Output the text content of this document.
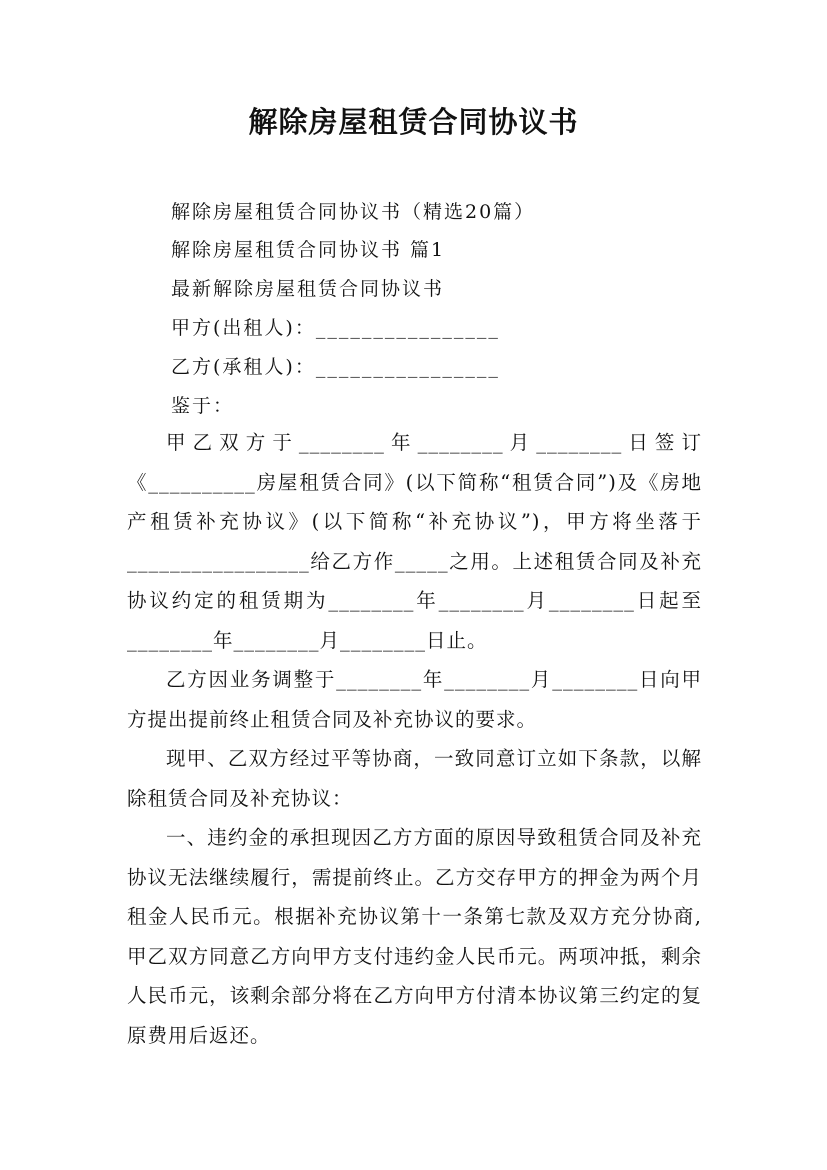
解除房屋租赁合同协议书
解除房屋租赁合同协议书（精选20篇）
解除房屋租赁合同协议书 篇1
最新解除房屋租赁合同协议书
甲方(出租人)：________________
乙方(承租人)：________________
鉴于：

甲乙双方于________年________月________日签订《__________房屋租赁合同》(以下简称“租赁合同”)及《房地产租赁补充协议》(以下简称“补充协议”)，甲方将坐落于_________________给乙方作_____之用。上述租赁合同及补充协议约定的租赁期为________年________月________日起至________年________月________日止。

乙方因业务调整于________年________月________日向甲方提出提前终止租赁合同及补充协议的要求。

现甲、乙双方经过平等协商，一致同意订立如下条款，以解除租赁合同及补充协议：

一、违约金的承担现因乙方方面的原因导致租赁合同及补充协议无法继续履行，需提前终止。乙方交存甲方的押金为两个月租金人民币元。根据补充协议第十一条第七款及双方充分协商,甲乙双方同意乙方向甲方支付违约金人民币元。两项冲抵，剩余人民币元，该剩余部分将在乙方向甲方付清本协议第三约定的复原费用后返还。
